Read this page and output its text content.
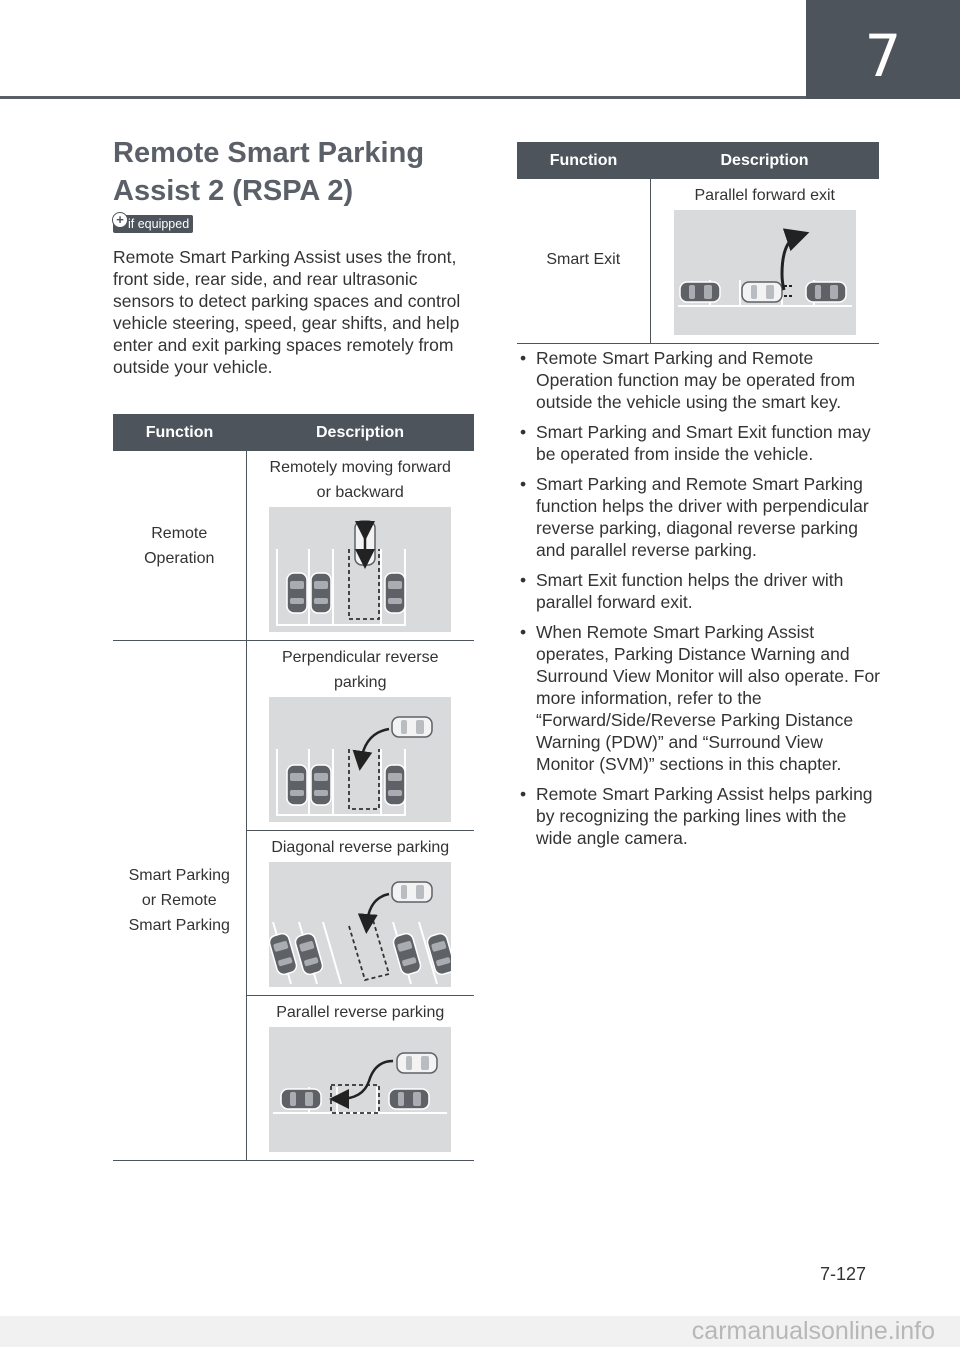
7
Remote Smart Parking Assist 2 (RSPA 2)
+ if equipped
Remote Smart Parking Assist uses the front, front side, rear side, and rear ultrasonic sensors to detect parking spaces and control vehicle steering, speed, gear shifts, and help enter and exit parking spaces remotely from outside your vehicle.
Function	Description
Remote Operation	Remotely moving forward or backward

Smart Parking or Remote Smart Parking	Perpendicular reverse parking

	Diagonal reverse parking

	Parallel reverse parking
Function	Description
Smart Exit	Parallel forward exit
• Remote Smart Parking and Remote Operation function may be operated from outside the vehicle using the smart key.
• Smart Parking and Smart Exit function may be operated from inside the vehicle.
• Smart Parking and Remote Smart Parking function helps the driver with perpendicular reverse parking, diagonal reverse parking and parallel reverse parking.
• Smart Exit function helps the driver with parallel forward exit.
• When Remote Smart Parking Assist operates, Parking Distance Warning and Surround View Monitor will also operate. For more information, refer to the “Forward/Side/Reverse Parking Distance Warning (PDW)” and “Surround View Monitor (SVM)” sections in this chapter.
• Remote Smart Parking Assist helps parking by recognizing the parking lines with the wide angle camera.
7-127
carmanualsonline.info
